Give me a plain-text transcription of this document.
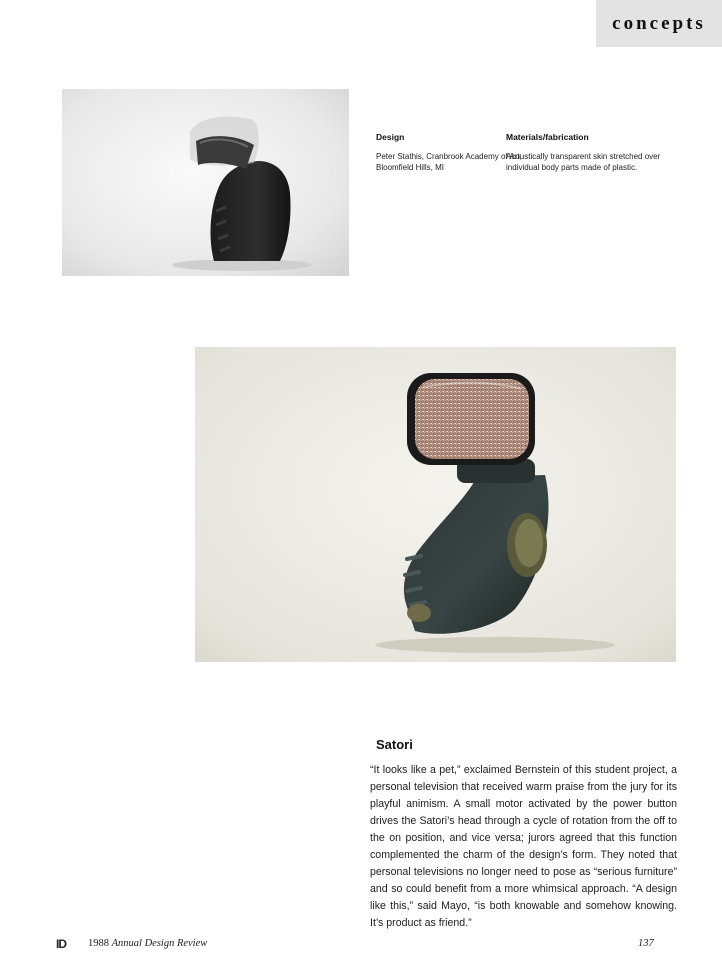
concepts
Design
Peter Stathis, Cranbrook Academy of Art, Bloomfield Hills, MI
Materials/fabrication
Acoustically transparent skin stretched over individual body parts made of plastic.
Satori
“It looks like a pet,” exclaimed Bernstein of this student project, a personal television that received warm praise from the jury for its playful animism. A small motor activated by the power button drives the Satori’s head through a cycle of rotation from the off to the on position, and vice versa; jurors agreed that this function complemented the charm of the design’s form. They noted that personal televisions no longer need to pose as “serious furniture” and so could benefit from a more whimsical approach. “A design like this,” said Mayo, “is both knowable and somehow knowing. It’s product as friend.”
ID 1988 Annual Design Review	137
